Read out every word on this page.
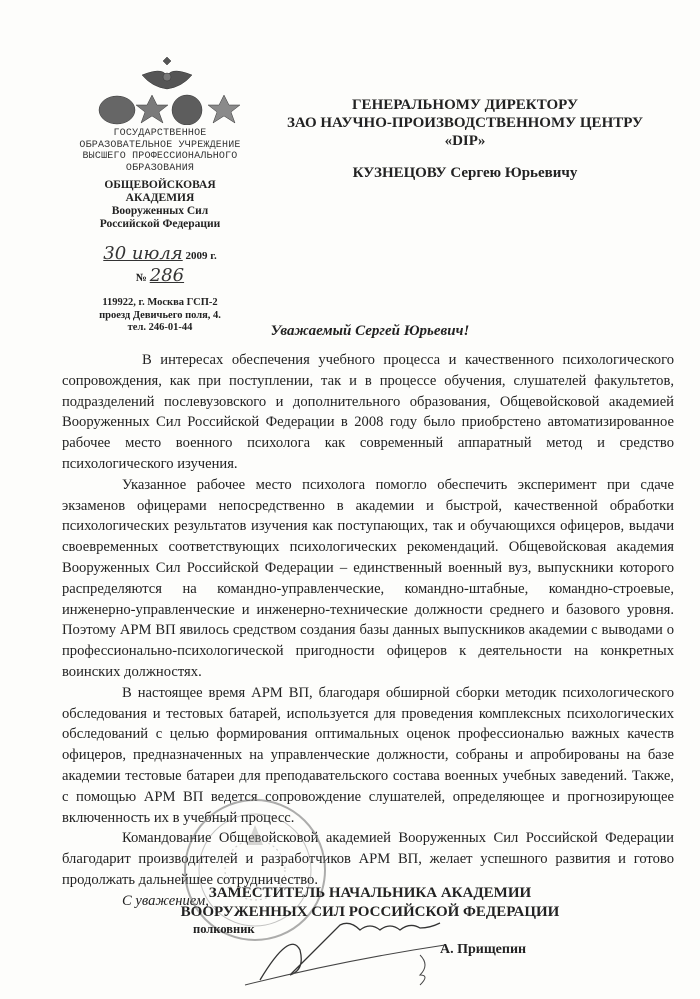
ГОСУДАРСТВЕННОЕ
ОБРАЗОВАТЕЛЬНОЕ УЧРЕЖДЕНИЕ
ВЫСШЕГО ПРОФЕССИОНАЛЬНОГО
ОБРАЗОВАНИЯ
ОБЩЕВОЙСКОВАЯ
АКАДЕМИЯ
Вооруженных Сил
Российской Федерации
30 июля 2009 г.
№ 286
119922, г. Москва ГСП-2
проезд Девичьего поля, 4.
тел. 246-01-44
ГЕНЕРАЛЬНОМУ ДИРЕКТОРУ
ЗАО НАУЧНО-ПРОИЗВОДСТВЕННОМУ ЦЕНТРУ
«DIP»
КУЗНЕЦОВУ Сергею Юрьевичу
Уважаемый Сергей Юрьевич!

В интересах обеспечения учебного процесса и качественного психологического сопровождения, как при поступлении, так и в процессе обучения, слушателей факультетов, подразделений послевузовского и дополнительного образования, Общевойсковой академией Вооруженных Сил Российской Федерации в 2008 году было приобрстено автоматизированное рабочее место военного психолога как современный аппаратный метод и средство психологического изучения.

Указанное рабочее место психолога помогло обеспечить эксперимент при сдаче экзаменов офицерами непосредственно в академии и быстрой, качественной обработки психологических результатов изучения как поступающих, так и обучающихся офицеров, выдачи своевременных соответствующих психологических рекомендаций. Общевойсковая академия Вооруженных Сил Российской Федерации – единственный военный вуз, выпускники которого распределяются на командно-управленческие, командно-штабные, командно-строевые, инженерно-управленческие и инженерно-технические должности среднего и базового уровня. Поэтому АРМ ВП явилось средством создания базы данных выпускников академии с выводами о профессионально-психологической пригодности офицеров к деятельности на конкретных воинских должностях.

В настоящее время АРМ ВП, благодаря обширной сборки методик психологического обследования и тестовых батарей, используется для проведения комплексных психологических обследований с целью формирования оптимальных оценок профессиональю важных качеств офицеров, предназначенных на управленческие должности, собраны и апробированы на базе академии тестовые батареи для преподавательского состава военных учебных заведений. Также, с помощью АРМ ВП ведется сопровождение слушателей, определяющее и прогнозирующее включенность их в учебный процесс.

Командование Общевойсковой академией Вооруженных Сил Российской Федерации благодарит производителей и разработчиков АРМ ВП, желает успешного развития и готово продолжать дальнейшее сотрудничество.

С уважением, ЗАМЕСТИТЕЛЬ НАЧАЛЬНИКА АКАДЕМИИ
ВООРУЖЕННЫХ СИЛ РОССИЙСКОЙ ФЕДЕРАЦИИ
полковник
А. Прищепин
